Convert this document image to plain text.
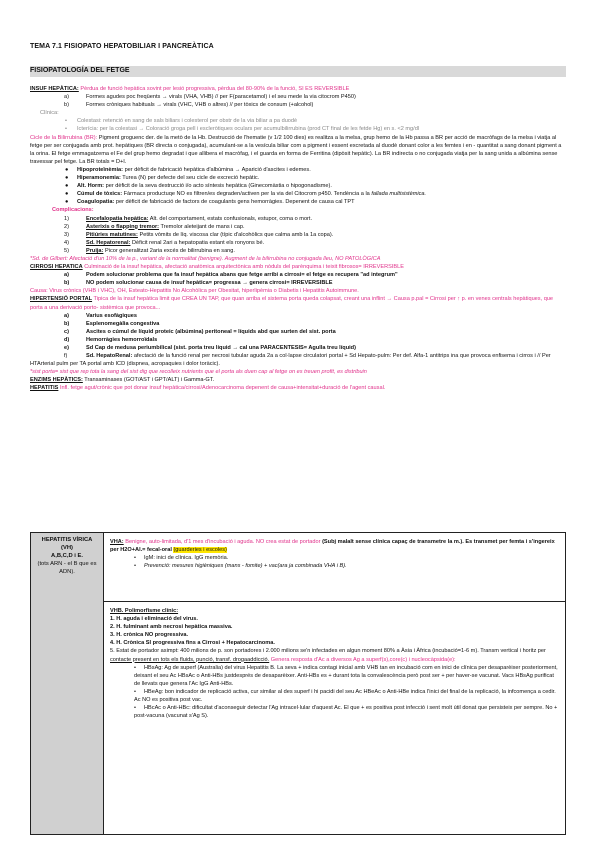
TEMA 7.1 FISIOPATO HEPATOBILIAR I PANCREÀTICA
FISIOPATOLOGÍA DEL FETGE

INSUF HEPÀTICA: Pèrdua de funció hepàtica sovint per lesió progressiva, pèrdua del 80-90% de la funció, SI ES REVERSIBLE

a)	Formes agudes poc freqüents → virals (VHA, VHB) // per F(paracetamol) i el seu mede la via citocrom P450)

b)	Formes cròniques habituals → virals (VHC, VHB o altres) // per tòxics de consum (+alcohol)

Clínica:

• Colestasi: retenció en sang de sals biliars i colesterol per obstr de la via biliar a pa duodè

• Icterícia: per la colestasi → Coloració groga pell i escleròtiques oculars per acumulbilirrubina (prod CT final de les fetde Hg) en s. <2 mg/dl

Cicle de la Bilirrubina (BR): Pigment groguenc der. de la metò de la Hb. Destrucció de l'hematie (v 1/2 100 dies) es realitza a la melsa, grup hemo de la Hb passa a BR per acció de macròfags de la melsa i viatja al fetge per ser conjugada amb prot. hepàtiques (BR directa o conjugada), acumulant-se a la vesícula biliar com a pigment i essent excretada al duodè donant color a les femtes i en - quantitat a sang donant pigment a la orina. El fetge emmagatzema el Fe del grup hemo degradat i que allibera el macròfag, i el guarda en forma de Ferritina (dipòsit hepàtic). La BR indirecta o no conjugada viatja per la sang unida a albúmina sense travessar pel fetge. La BR totals = D+I.

● Hipoproteïnèmia: per dèficit de fabricació hepàtica d'albúmina → Aparició d'ascites i edemes.

● Hiperamonemia: Turea (N) per defecte del seu cicle de excreció hepàtic.

● Alt. Horm: per dèficit de la seva destrucció i/o acto síntesis hepàtica (Ginecomàstia o hipogonadisme).

● Cúmul de tòxics: Fàrmacs productuqe NO es filtren/es degraden/activen per la via del Citocrom p450. Tendència a la fallada multisistèmica.

● Coagulopatia: per dèficit de fabricació de factors de coagulants gens hemorràgies. Depenent de causa cal TPT

Complicacions:

1)	Encefalopatia hepàtica: Alt. del comportament, estats confusionals, estupor, coma o mort.

2)	Asterixis o flapping tremor: Tremolor aleteijant de mans i cap.

3)	Pitiúries matutines: Petits vòmits de líq. viscosa clar (típic d'alcohòlics que calma amb la 1a copa).

4)	Sd. Hepatorenal: Dèficit renal 2ari a hepatopatia estant els ronyons bé.

5)	Pruija: Picor generalitzat 2aria excés de bilirrubina en sang.

*Sd. de Gilbert: Afectació d'un 10% de la p., variant de la normalitat (benigne). Augment de la bilirrubina no conjugada lleu, NO PATOLÒGICA

CIRROSI HEPATICA Culminació de la insuf hepàtica, afectació anatòmica arquitectònica amb nòduls del parènquima i teixit fibrosos= IRREVERSIBLE

a)	Podem solucionar problema que fa insuf hepàtica abans que fetge arribi a cirrosi= el fetge es recupera "ad integrum"

b)	NO podem solucionar causa de insuf hepàtica= progressa → genera cirrosi= IRREVERSIBLE

Causa: Virus crònics (VHB i VHC), OH, Esteato-Hepatitis No Alcohòlica per Obesitat, hiperlipèmia o Diabetis i Hepatitis Autoimmune.

HIPERTENSIÓ PORTAL Tipica de la insuf hepàtica limit que CREA UN TAP, que quan arriba el sistema porta queda colapsat, creant una inflint → Causa p.pal = Cirrosi per ↑ p. en venes centrals hepàtiques, que porta a una derivació porto- sistèmica que provoca...

a)	Varius esofàgiques

b)	Esplenomegàlia congestiva

c)	Ascites o cúmul de líquid proteic (albúmina) peritoneal = líquids abd que surten del sist. porta

d)	Hemorràgies hemorroïdals

e)	Sd Cap de medusa periumbilical (sist. porta treu líquid → cal una PARACENTESIS= Agulla treu líquid)

f)	Sd. HepatoRenal: afectació de la funció renal per necrosi tubular aguda 2a a col·lapse circulatori portal + Sd Hepato-pulm: Per def. Alfa-1 antitrips ina que provoca enfisema i cirros i // Per HTArterial pulm per TA portal amb ICD (dispnea, acropaquies i dolor toràcic).

*sist porta= sist que rep tota la sang del sist dig que recolleix nutrients que el porta als duen cap al fetge on es treuen profit, es distribuin

ENZIMS HEPÀTICS: Transaminases (GOT/AST i GPT/ALT) i Gamma-GT.

HEPATITIS Infl. fetge agut/crònic que pot donar insuf hepàtica/cirrosi/Adenocarcinoma depenent de causa+intensitat+duració de l'agent causal.

HEPATITIS VÍRICA
(VH)
A,B,C,D i E.
(tots ARN - el B que es ADN).

VHA: Benigne, auto-limitada, d'1 mes d'incubació i aguda. NO crea estat de portador (Subj malalt sense clínica capaç de transmetre la m.). Es transmet per femta i s'ingereix per H2O+Al.= fecal-oral (guarderies i escoles)

• IgM: inici de clínica. IgG memòria.

• Prevenció: mesures higièniques (mans - fomite) + vac(ara ja combinada VHA i B).

VHB. Polimorfisme clínic:

1. H. aguda i eliminació del virus.

2. H. fulminant amb necrosi hepàtica massiva.

3. H. crònica NO progressiva.

4. H. Crònica SI progressiva fins a Cirrosi + Hepatocarcinoma.

5. Estat de portador asimpt: 400 milions de p. son portadores i 2.000 milions se'n infectades en algun moment 80% a Àsia i Àfrica (incubació=1-6 m). Transm vertical i horitz per contacte present en tots els fluids, punció, transf. drogaaddicció. Genera resposta d'Ac a diversos Ag a superf(s),core(c) i nucleocàpsida(e):

• HBsAg: Ag de superf (Australia) del virus Hepatitis B. La seva + indica contagi inicial amb VHB tan en incubació com en inici de clínica per desaparèixer posteriorment, deixant el seu Ac HBsAc o Anti-HBs justdesprés de desaparèixer. Anti-HBs es + durant tota la convalescència però post ser + per haver-se vacunat. Vacs HBsAg purificat de llevats que genera l'Ac IgG Anti-HBs.

• HBeAg: bon indicador de replicació activa, cur similar al des superf i hi pacidi del seu Ac HBeAc o Anti-HBe indica l'inici del final de la replicació, la infcomença a cedir. Ac NO es positiva post vac.

• HBcAc o Anti-HBc: dificultat d'aconseguir detectar l'Ag intracel·lular d'aquest Ac. El que + es positiva post infecció i sent molt útil donat que persisteix per sempre. No + post-vacuna (vacunat s'Ag S).
